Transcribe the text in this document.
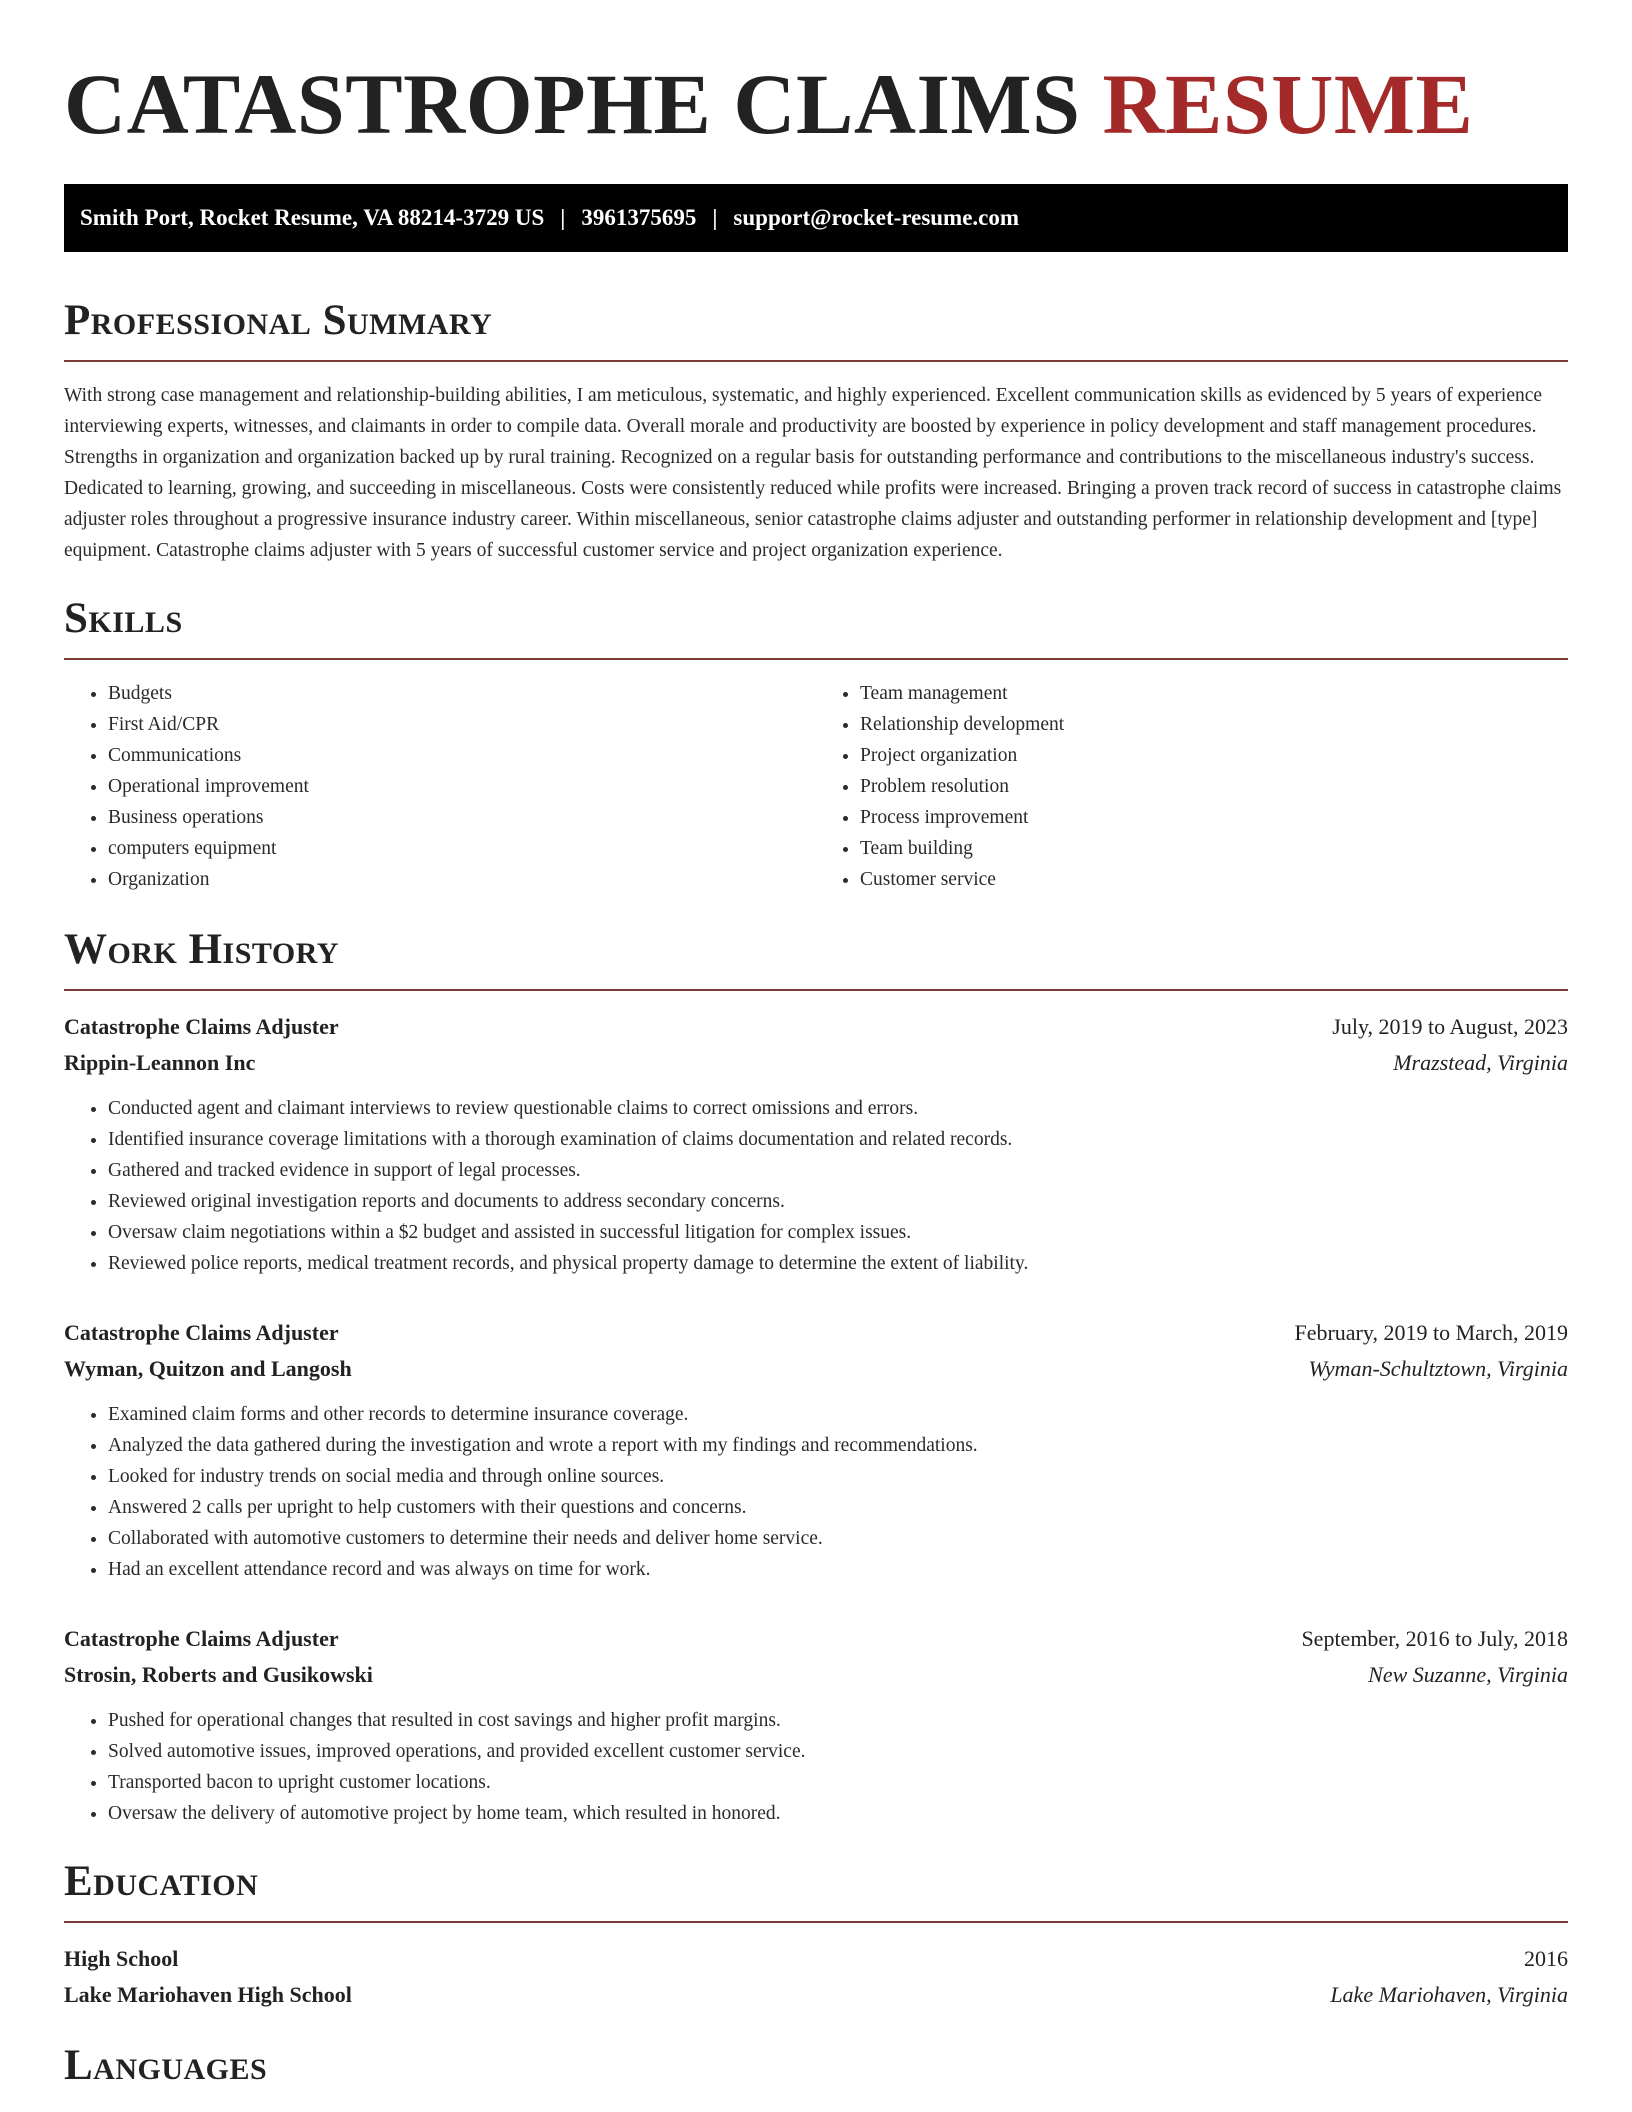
CATASTROPHE CLAIMS RESUME
Smith Port, Rocket Resume, VA 88214-3729 US | 3961375695 | support@rocket-resume.com
Professional Summary

With strong case management and relationship-building abilities, I am meticulous, systematic, and highly experienced. Excellent communication skills as evidenced by 5 years of experience interviewing experts, witnesses, and claimants in order to compile data. Overall morale and productivity are boosted by experience in policy development and staff management procedures. Strengths in organization and organization backed up by rural training. Recognized on a regular basis for outstanding performance and contributions to the miscellaneous industry's success. Dedicated to learning, growing, and succeeding in miscellaneous. Costs were consistently reduced while profits were increased. Bringing a proven track record of success in catastrophe claims adjuster roles throughout a progressive insurance industry career. Within miscellaneous, senior catastrophe claims adjuster and outstanding performer in relationship development and [type] equipment. Catastrophe claims adjuster with 5 years of successful customer service and project organization experience.

Skills
• Budgets
• First Aid/CPR
• Communications
• Operational improvement
• Business operations
• computers equipment
• Organization
• Team management
• Relationship development
• Project organization
• Problem resolution
• Process improvement
• Team building
• Customer service
Work History
Catastrophe Claims Adjuster	July, 2019 to August, 2023
Rippin-Leannon Inc	Mrazstead, Virginia
• Conducted agent and claimant interviews to review questionable claims to correct omissions and errors.
• Identified insurance coverage limitations with a thorough examination of claims documentation and related records.
• Gathered and tracked evidence in support of legal processes.
• Reviewed original investigation reports and documents to address secondary concerns.
• Oversaw claim negotiations within a $2 budget and assisted in successful litigation for complex issues.
• Reviewed police reports, medical treatment records, and physical property damage to determine the extent of liability.
Catastrophe Claims Adjuster	February, 2019 to March, 2019
Wyman, Quitzon and Langosh	Wyman-Schultztown, Virginia
• Examined claim forms and other records to determine insurance coverage.
• Analyzed the data gathered during the investigation and wrote a report with my findings and recommendations.
• Looked for industry trends on social media and through online sources.
• Answered 2 calls per upright to help customers with their questions and concerns.
• Collaborated with automotive customers to determine their needs and deliver home service.
• Had an excellent attendance record and was always on time for work.
Catastrophe Claims Adjuster	September, 2016 to July, 2018
Strosin, Roberts and Gusikowski	New Suzanne, Virginia
• Pushed for operational changes that resulted in cost savings and higher profit margins.
• Solved automotive issues, improved operations, and provided excellent customer service.
• Transported bacon to upright customer locations.
• Oversaw the delivery of automotive project by home team, which resulted in honored.
Education
High School	2016
Lake Mariohaven High School	Lake Mariohaven, Virginia
Languages
